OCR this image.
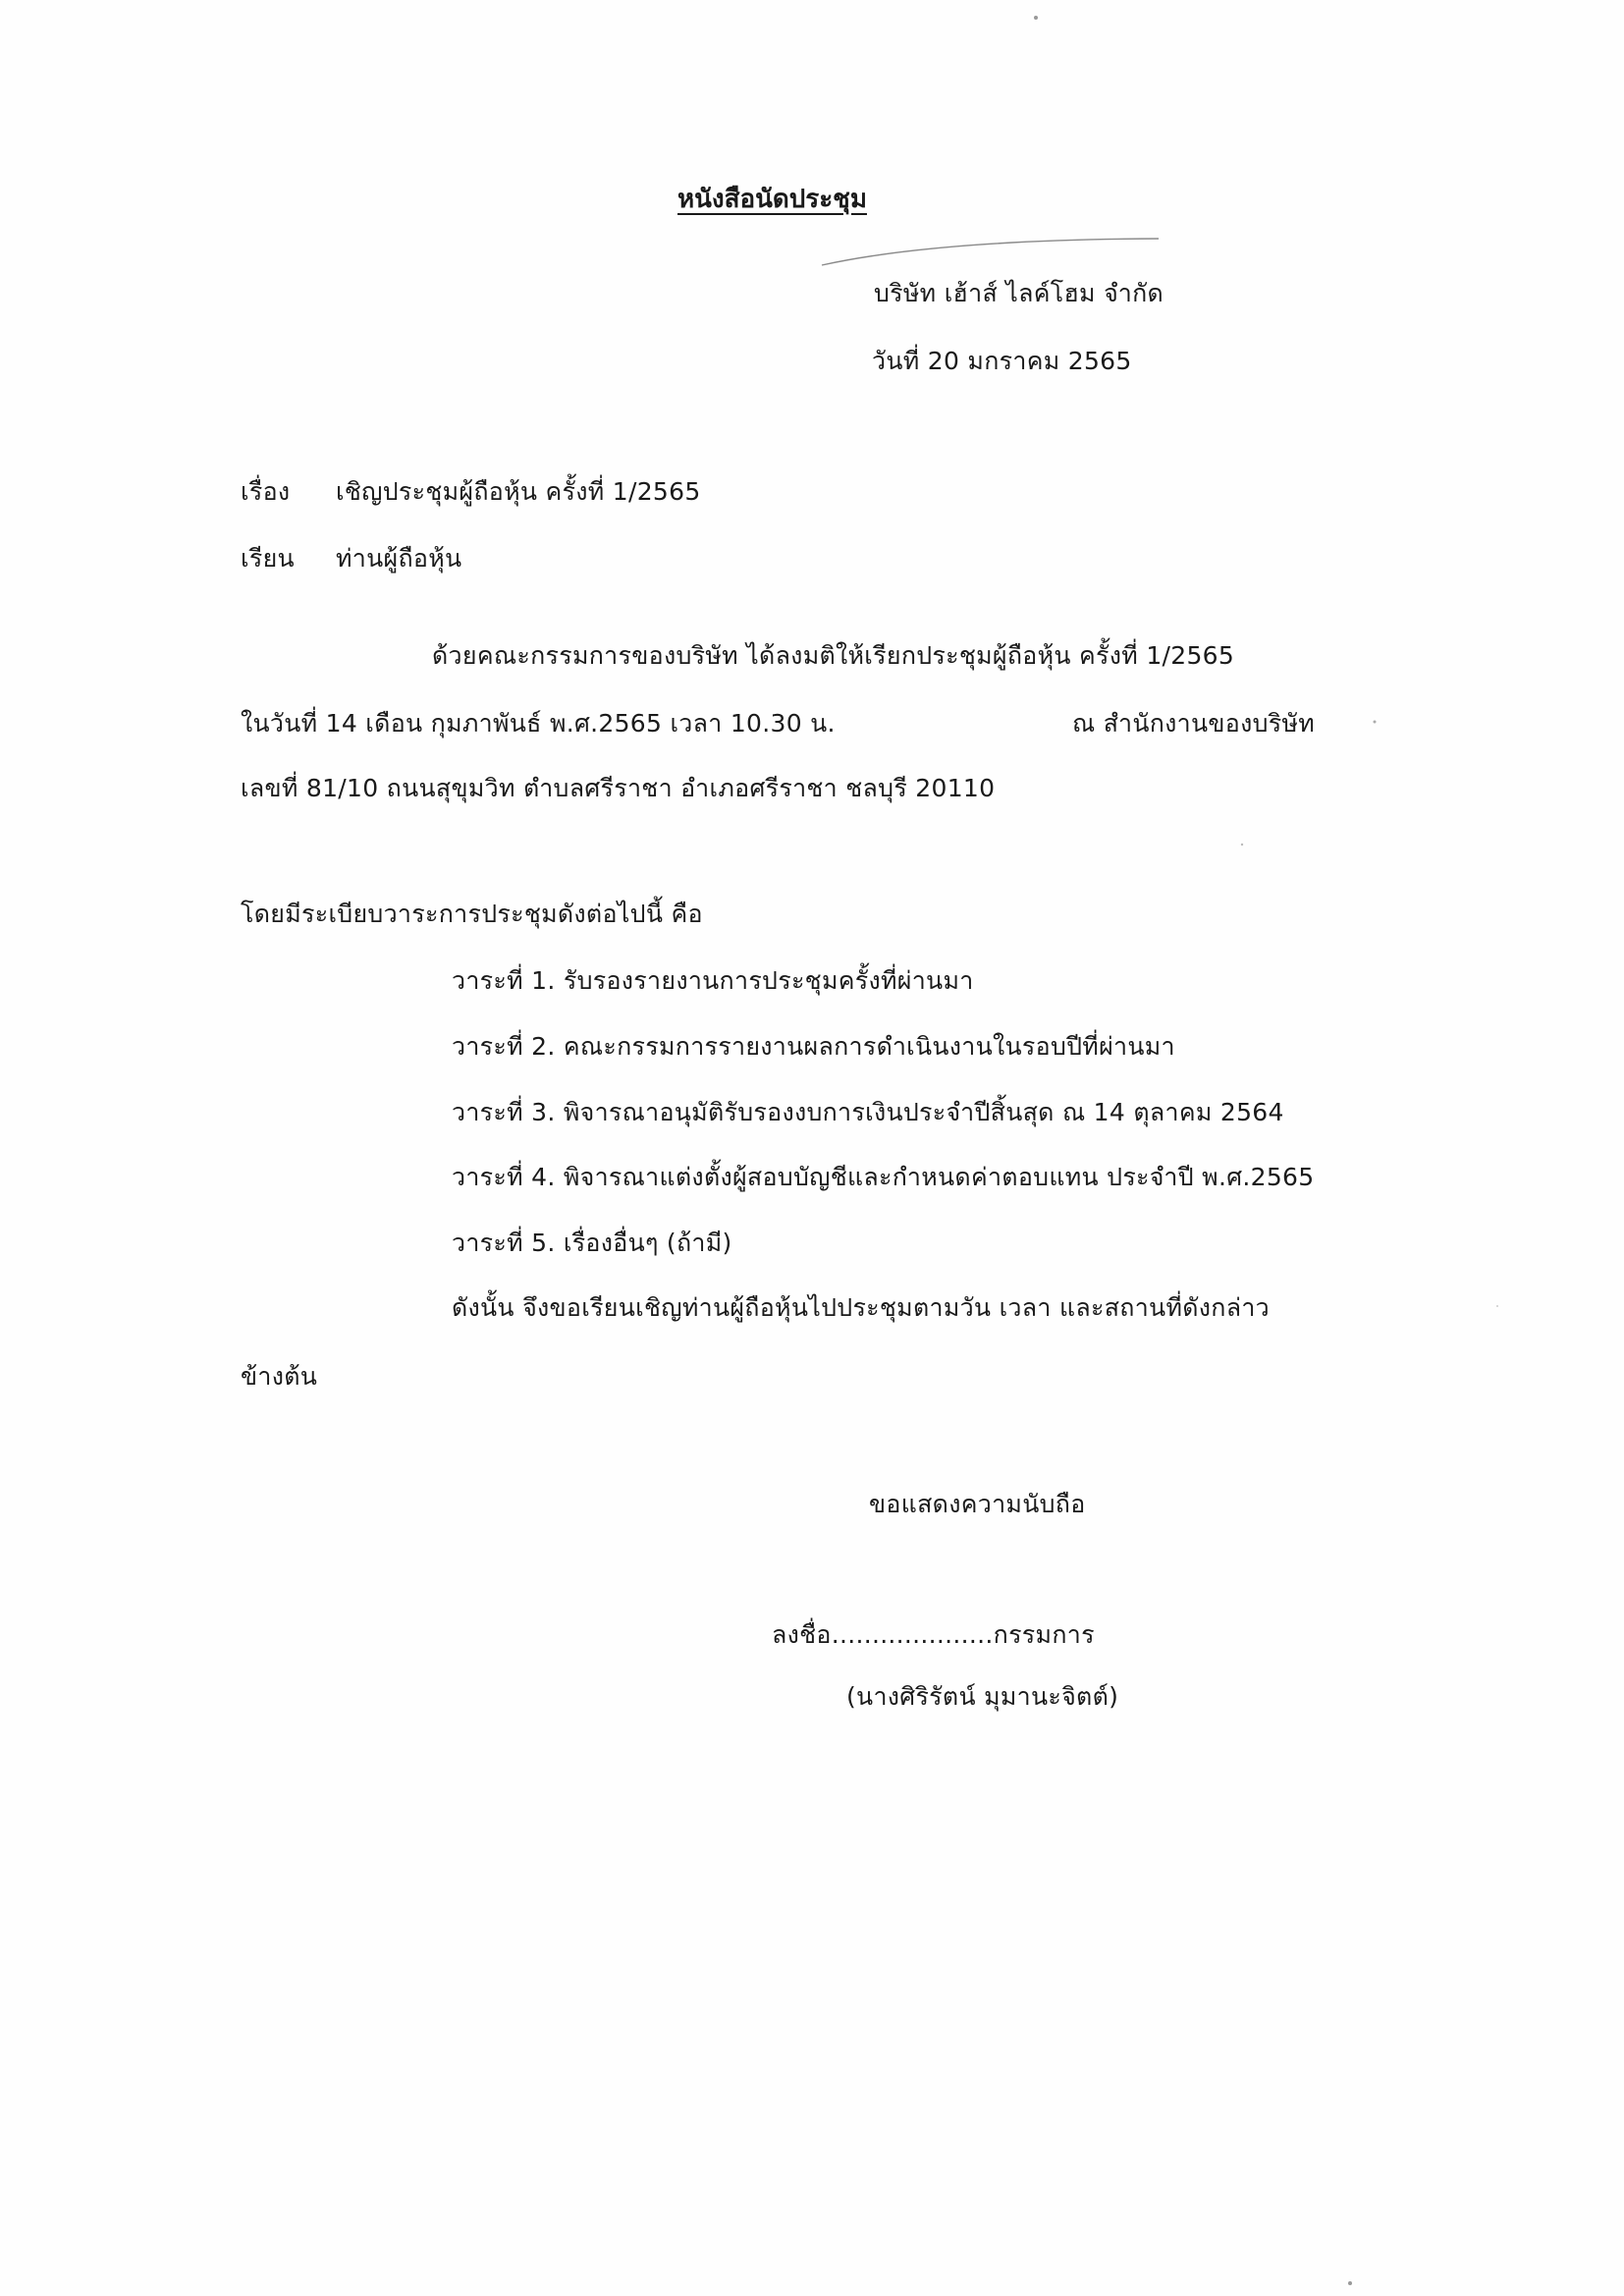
หนังสือนัดประชุม
บริษัท เฮ้าส์ ไลค์โฮม จำกัด
วันที่ 20 มกราคม 2565
เรื่อง เชิญประชุมผู้ถือหุ้น ครั้งที่ 1/2565
เรียน ท่านผู้ถือหุ้น
ด้วยคณะกรรมการของบริษัท ได้ลงมติให้เรียกประชุมผู้ถือหุ้น ครั้งที่ 1/2565
ในวันที่ 14 เดือน กุมภาพันธ์ พ.ศ.2565 เวลา 10.30 น.	ณ สำนักงานของบริษัท
เลขที่ 81/10 ถนนสุขุมวิท ตำบลศรีราชา อำเภอศรีราชา ชลบุรี 20110
โดยมีระเบียบวาระการประชุมดังต่อไปนี้ คือ
วาระที่ 1. รับรองรายงานการประชุมครั้งที่ผ่านมา
วาระที่ 2. คณะกรรมการรายงานผลการดำเนินงานในรอบปีที่ผ่านมา
วาระที่ 3. พิจารณาอนุมัติรับรองงบการเงินประจำปีสิ้นสุด ณ 14 ตุลาคม 2564
วาระที่ 4. พิจารณาแต่งตั้งผู้สอบบัญชีและกำหนดค่าตอบแทน ประจำปี พ.ศ.2565
วาระที่ 5. เรื่องอื่นๆ (ถ้ามี)
ดังนั้น จึงขอเรียนเชิญท่านผู้ถือหุ้นไปประชุมตามวัน เวลา และสถานที่ดังกล่าว
ข้างต้น
ขอแสดงความนับถือ
ลงชื่อ....................กรรมการ
(นางศิริรัตน์ มุมานะจิตต์)
